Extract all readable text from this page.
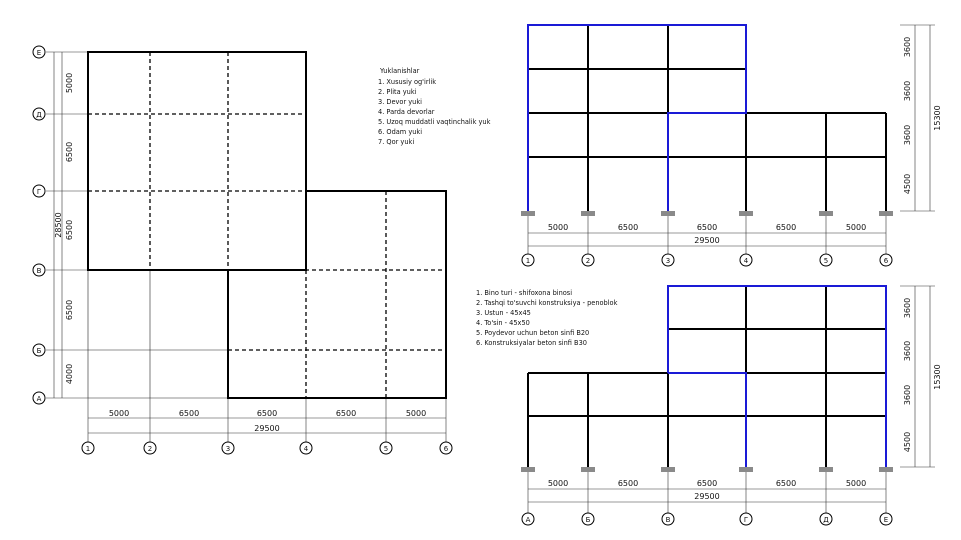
5000
6500
6500
6500
4000
28500
Е
Д
Г
В
Б
А
5000	6500	6500	6500	5000
29500
1	2	3	4	5	6
Yuklanishlar
1. Xususiy og'irlik
2. Plita yuki
3. Devor yuki
4. Parda devorlar
5. Uzoq muddatli vaqtinchalik yuk
6. Odam yuki
7. Qor yuki
3600
3600
3600
4500
15300
5000	6500	6500	6500	5000
29500
1	2	3	4	5	6
1. Bino turi - shifoxona binosi
2. Tashqi to'suvchi konstruksiya - penoblok
3. Ustun - 45x45
4. To'sin - 45x50
5. Poydevor uchun beton sinfi B20
6. Konstruksiyalar beton sinfi B30
3600
3600
3600
4500
15300
5000	6500	6500	6500	5000
29500
А	Б	В	Г	Д	Е
